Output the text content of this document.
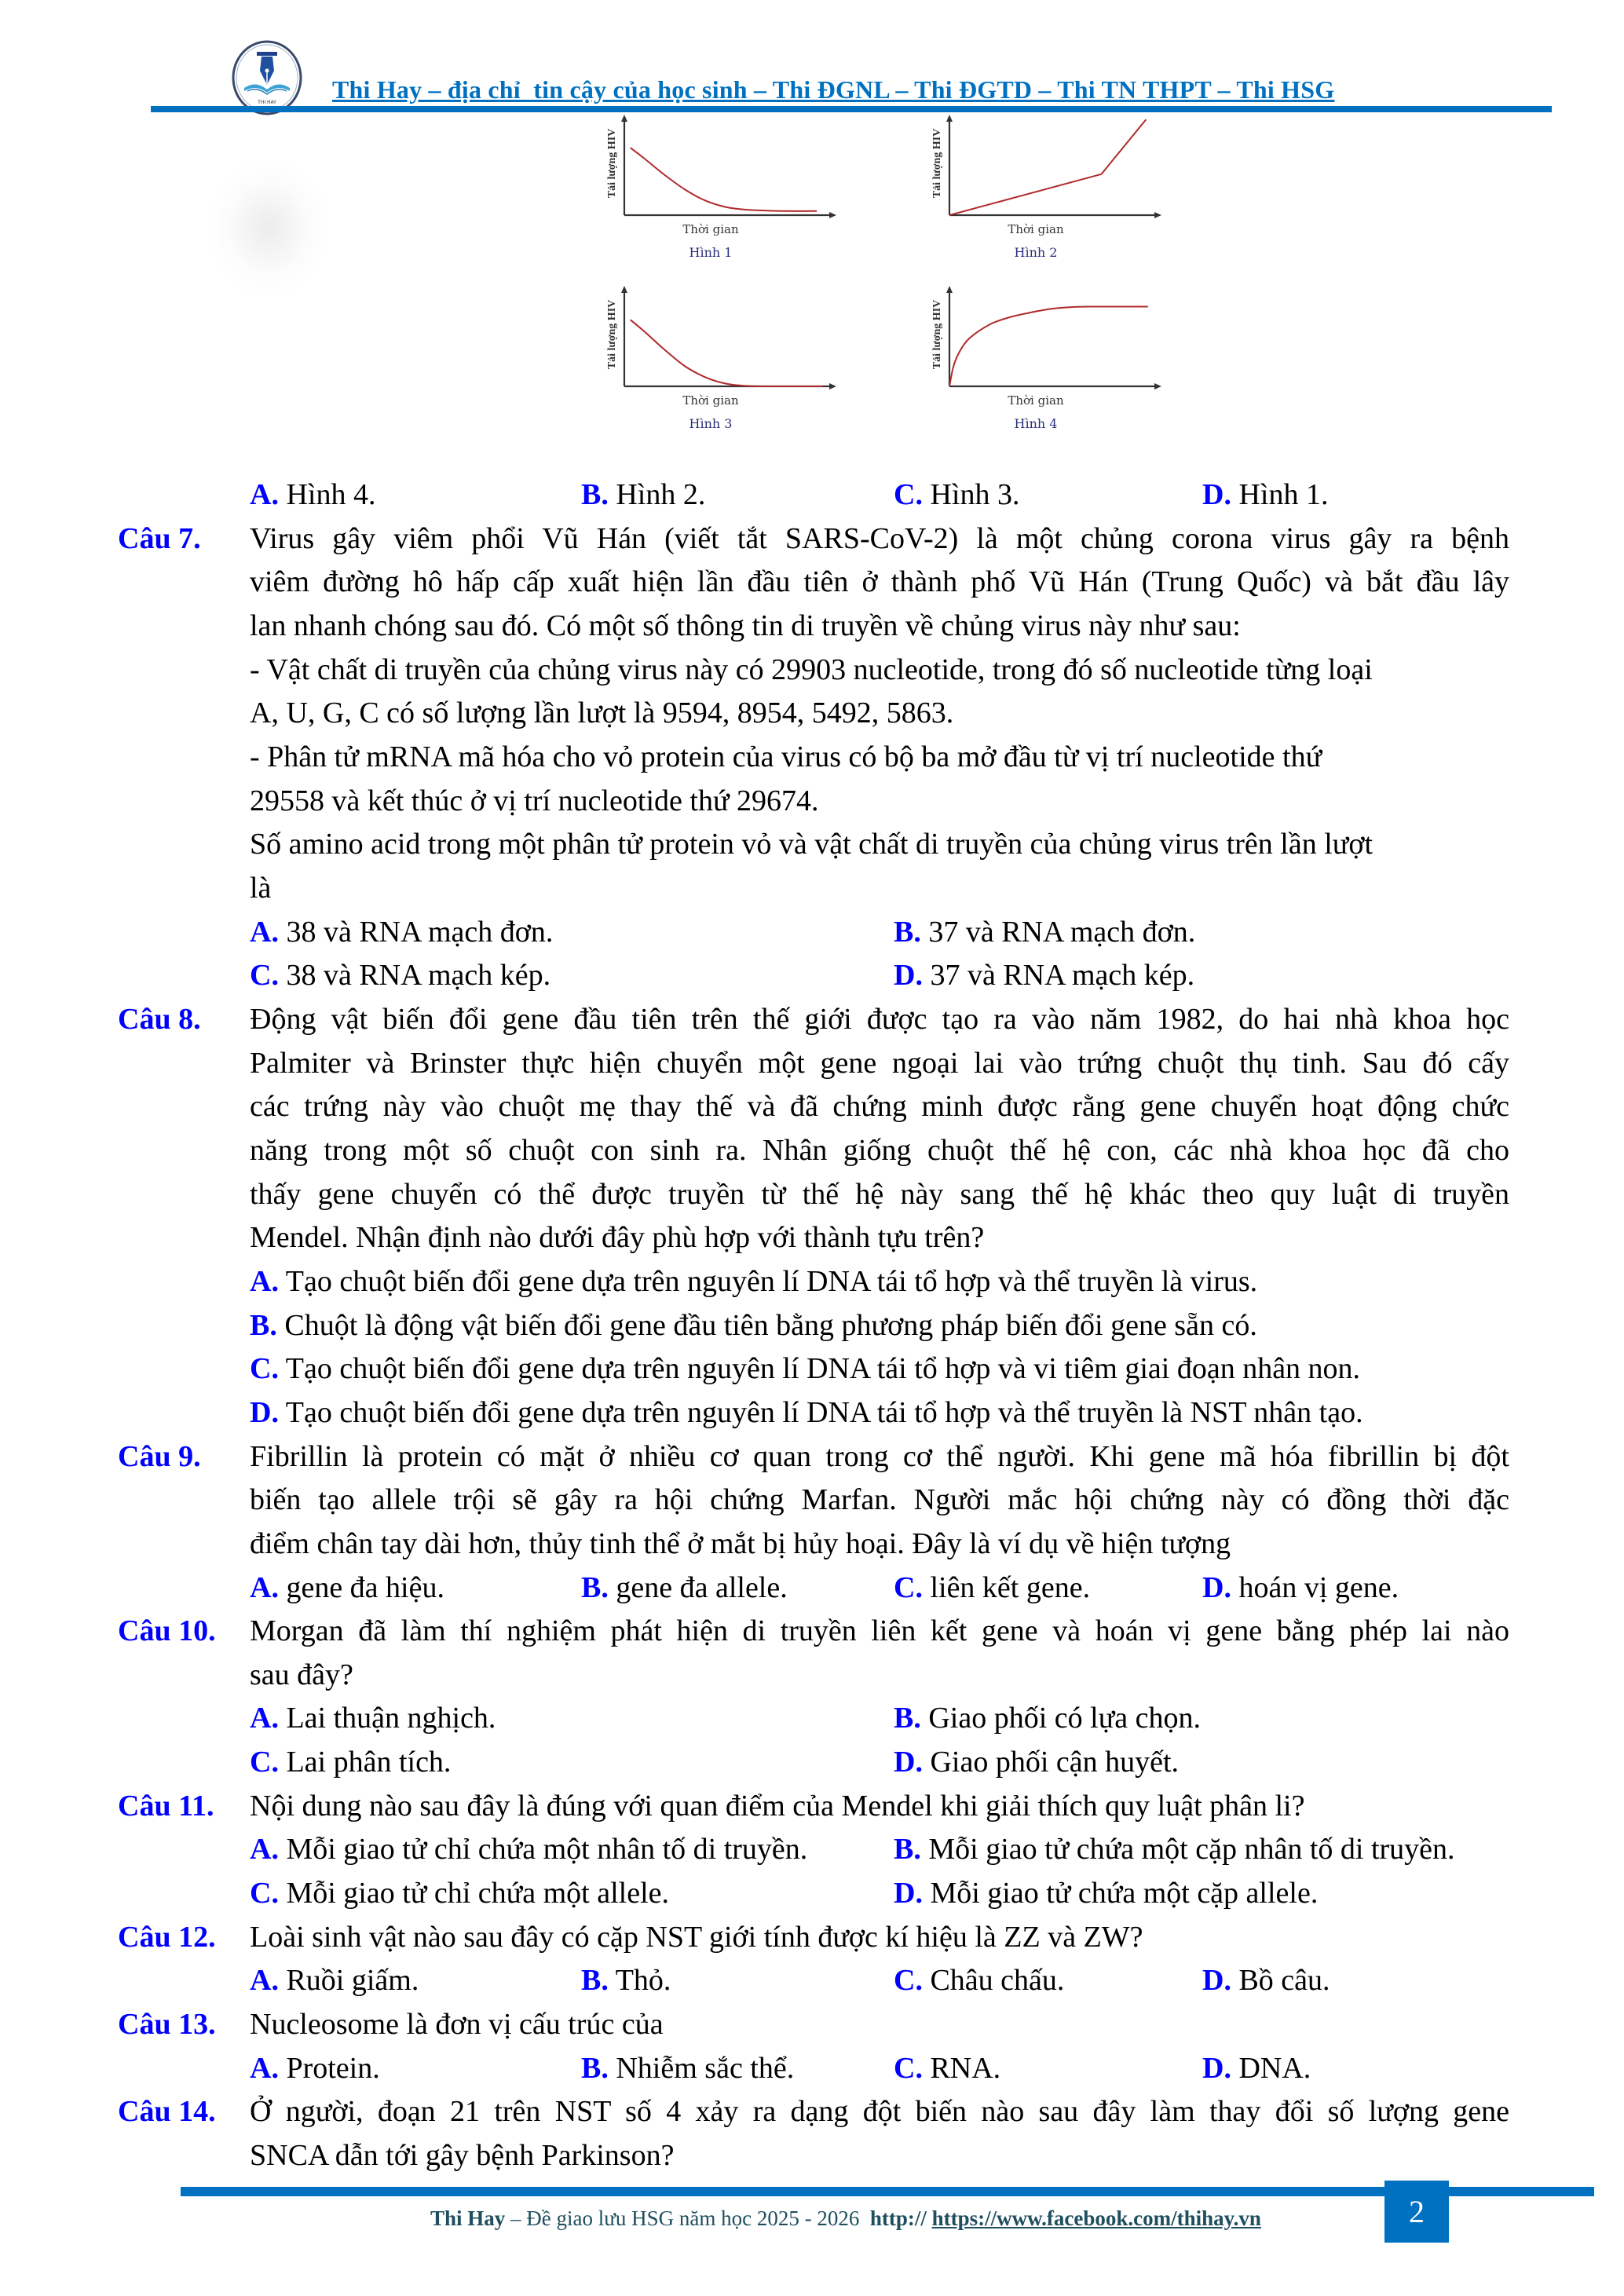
THI HAY Thi Hay – địa chỉ  tin cậy của học sinh – Thi ĐGNL – Thi ĐGTD – Thi TN THPT – Thi HSG
Tải lượng HIV
Thời gian
Hình 1
Tải lượng HIV
Thời gian
Hình 2
Tải lượng HIV
Thời gian
Hình 3
Tải lượng HIV
Thời gian
Hình 4
A. Hình 4.	B. Hình 2.	C. Hình 3.	D. Hình 1.
Câu 7. Virus gây viêm phổi Vũ Hán (viết tắt SARS-CoV-2) là một chủng corona virus gây ra bệnh
viêm đường hô hấp cấp xuất hiện lần đầu tiên ở thành phố Vũ Hán (Trung Quốc) và bắt đầu lây
lan nhanh chóng sau đó. Có một số thông tin di truyền về chủng virus này như sau:
- Vật chất di truyền của chủng virus này có 29903 nucleotide, trong đó số nucleotide từng loại
A, U, G, C có số lượng lần lượt là 9594, 8954, 5492, 5863.
- Phân tử mRNA mã hóa cho vỏ protein của virus có bộ ba mở đầu từ vị trí nucleotide thứ
29558 và kết thúc ở vị trí nucleotide thứ 29674.
Số amino acid trong một phân tử protein vỏ và vật chất di truyền của chủng virus trên lần lượt
là
A. 38 và RNA mạch đơn.	B. 37 và RNA mạch đơn.
C. 38 và RNA mạch kép.	D. 37 và RNA mạch kép.
Câu 8. Động vật biến đổi gene đầu tiên trên thế giới được tạo ra vào năm 1982, do hai nhà khoa học
Palmiter và Brinster thực hiện chuyển một gene ngoại lai vào trứng chuột thụ tinh. Sau đó cấy
các trứng này vào chuột mẹ thay thế và đã chứng minh được rằng gene chuyển hoạt động chức
năng trong một số chuột con sinh ra. Nhân giống chuột thế hệ con, các nhà khoa học đã cho
thấy gene chuyển có thể được truyền từ thế hệ này sang thế hệ khác theo quy luật di truyền
Mendel. Nhận định nào dưới đây phù hợp với thành tựu trên?
A. Tạo chuột biến đổi gene dựa trên nguyên lí DNA tái tổ hợp và thể truyền là virus.
B. Chuột là động vật biến đổi gene đầu tiên bằng phương pháp biến đổi gene sẵn có.
C. Tạo chuột biến đổi gene dựa trên nguyên lí DNA tái tổ hợp và vi tiêm giai đoạn nhân non.
D. Tạo chuột biến đổi gene dựa trên nguyên lí DNA tái tổ hợp và thể truyền là NST nhân tạo.
Câu 9. Fibrillin là protein có mặt ở nhiều cơ quan trong cơ thể người. Khi gene mã hóa fibrillin bị đột
biến tạo allele trội sẽ gây ra hội chứng Marfan. Người mắc hội chứng này có đồng thời đặc
điểm chân tay dài hơn, thủy tinh thể ở mắt bị hủy hoại. Đây là ví dụ về hiện tượng
A. gene đa hiệu.	B. gene đa allele.	C. liên kết gene.	D. hoán vị gene.
Câu 10. Morgan đã làm thí nghiệm phát hiện di truyền liên kết gene và hoán vị gene bằng phép lai nào
sau đây?
A. Lai thuận nghịch.	B. Giao phối có lựa chọn.
C. Lai phân tích.	D. Giao phối cận huyết.
Câu 11. Nội dung nào sau đây là đúng với quan điểm của Mendel khi giải thích quy luật phân li?
A. Mỗi giao tử chỉ chứa một nhân tố di truyền.	B. Mỗi giao tử chứa một cặp nhân tố di truyền.
C. Mỗi giao tử chỉ chứa một allele.	D. Mỗi giao tử chứa một cặp allele.
Câu 12. Loài sinh vật nào sau đây có cặp NST giới tính được kí hiệu là ZZ và ZW?
A. Ruồi giấm.	B. Thỏ.	C. Châu chấu.	D. Bồ câu.
Câu 13. Nucleosome là đơn vị cấu trúc của
A. Protein.	B. Nhiễm sắc thể.	C. RNA.	D. DNA.
Câu 14. Ở người, đoạn 21 trên NST số 4 xảy ra dạng đột biến nào sau đây làm thay đổi số lượng gene
SNCA dẫn tới gây bệnh Parkinson?
2
Thi Hay – Đề giao lưu HSG năm học 2025 - 2026  http:// https://www.facebook.com/thihay.vn
